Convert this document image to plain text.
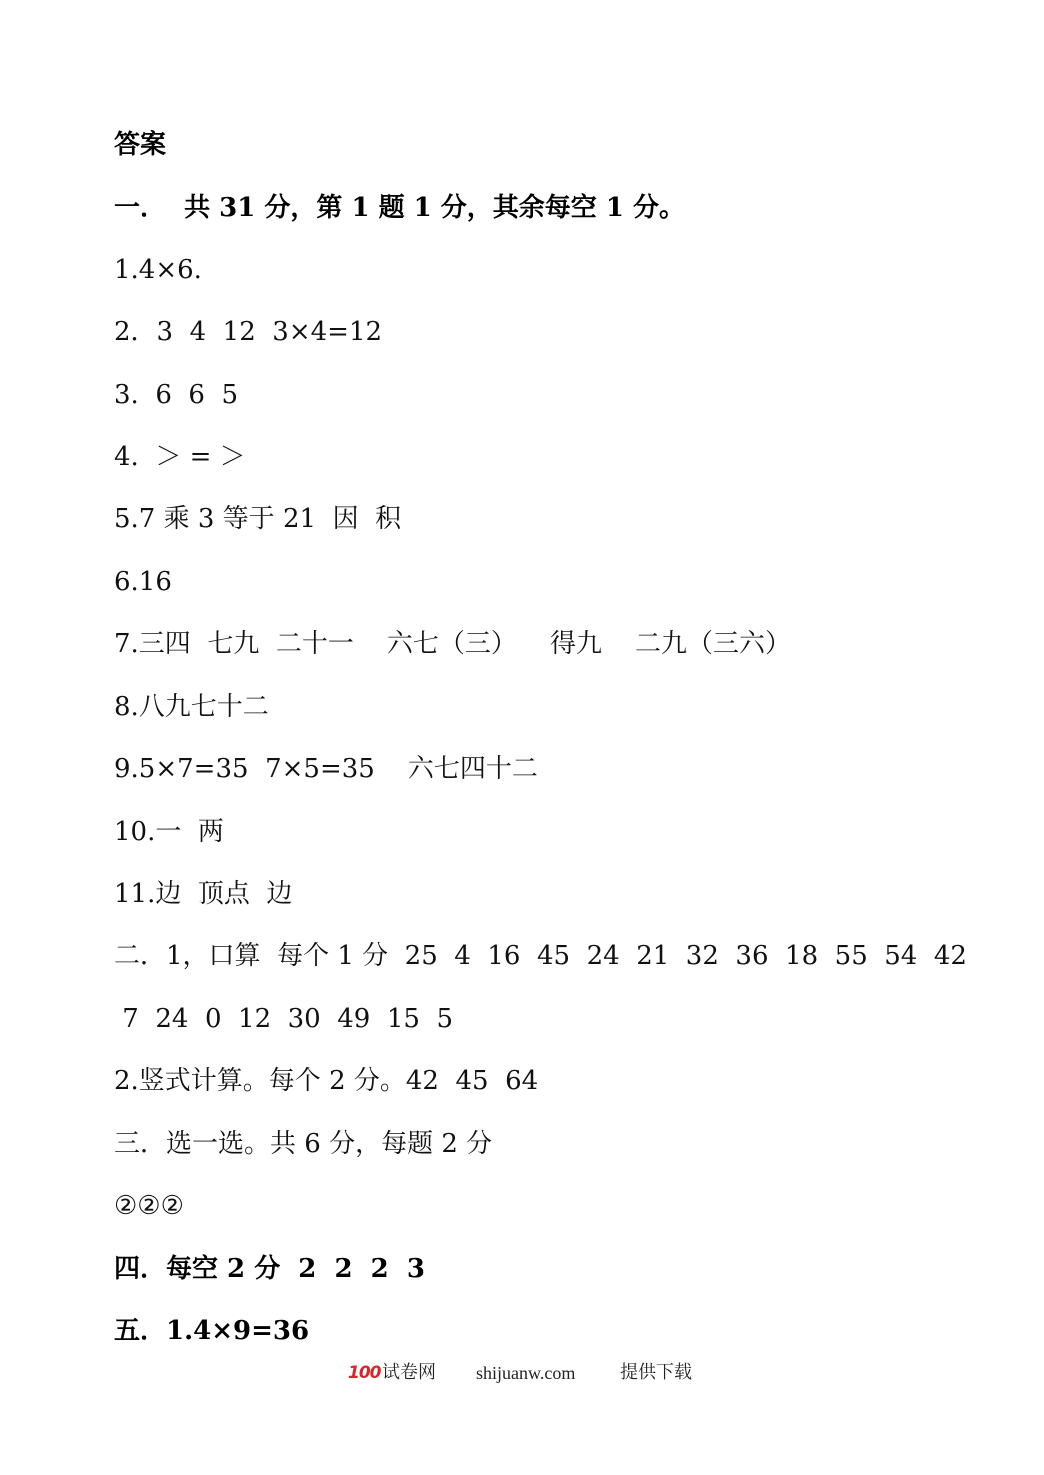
答案
一．  共 31 分，第 1 题 1 分，其余每空 1 分。
1.4×6.
2．3  4  12  3×4=12
3.  6  6  5
4.  ＞ = ＞
5.7 乘 3 等于 21  因  积
6.16
7.三四  七九  二十一    六七（三）    得九    二九（三六）
8.八九七十二
9.5×7=35  7×5=35    六七四十二
10.一  两
11.边  顶点  边
二．1，口算  每个 1 分  25  4  16  45  24  21  32  36  18  55  54  42
7  24  0  12  30  49  15  5
2.竖式计算。每个 2 分。42  45  64
三．选一选。共 6 分，每题 2 分
②②②
四．每空 2 分  2  2  2  3
五．1.4×9=36
100 试卷网 shijuanw.com 提供下载
